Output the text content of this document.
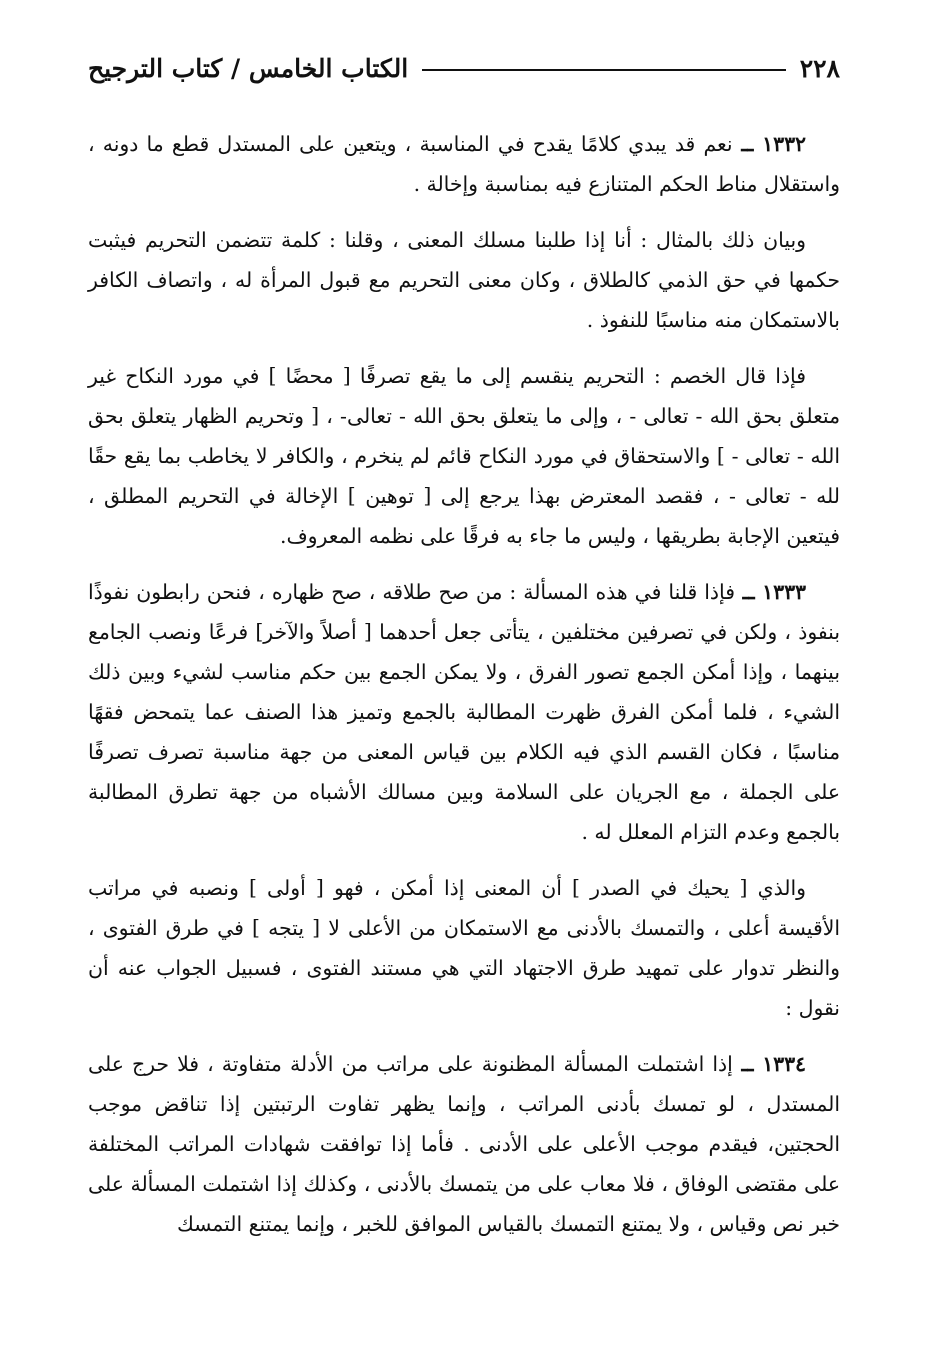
٢٢٨
الكتاب الخامس / كتاب الترجيح

١٣٣٢ ــ نعم قد يبدي كلامًا يقدح في المناسبة ، ويتعين على المستدل قطع ما دونه ، واستقلال مناط الحكم المتنازع فيه بمناسبة وإخالة .

وبيان ذلك بالمثال : أنا إذا طلبنا مسلك المعنى ، وقلنا : كلمة تتضمن التحريم فيثبت حكمها في حق الذمي كالطلاق ، وكان معنى التحريم مع قبول المرأة له ، واتصاف الكافر بالاستمكان منه مناسبًا للنفوذ .

فإذا قال الخصم : التحريم ينقسم إلى ما يقع تصرفًا [ محضًا ] في مورد النكاح غير متعلق بحق الله - تعالى - ، وإلى ما يتعلق بحق الله - تعالى- ، [ وتحريم الظهار يتعلق بحق الله - تعالى - ] والاستحقاق في مورد النكاح قائم لم ينخرم ، والكافر لا يخاطب بما يقع حقًا لله - تعالى - ، فقصد المعترض بهذا يرجع إلى [ توهين ] الإخالة في التحريم المطلق ، فيتعين الإجابة بطريقها ، وليس ما جاء به فرقًا على نظمه المعروف.

١٣٣٣ ــ فإذا قلنا في هذه المسألة : من صح طلاقه ، صح ظهاره ، فنحن رابطون نفوذًا بنفوذ ، ولكن في تصرفين مختلفين ، يتأتى جعل أحدهما [ أصلاً والآخر] فرعًا ونصب الجامع بينهما ، وإذا أمكن الجمع تصور الفرق ، ولا يمكن الجمع بين حكم مناسب لشيء وبين ذلك الشيء ، فلما أمكن الفرق ظهرت المطالبة بالجمع وتميز هذا الصنف عما يتمحض فقهًا مناسبًا ، فكان القسم الذي فيه الكلام بين قياس المعنى من جهة مناسبة تصرف تصرفًا على الجملة ، مع الجريان على السلامة وبين مسالك الأشباه من جهة تطرق المطالبة بالجمع وعدم التزام المعلل له .

والذي [ يحيك في الصدر ] أن المعنى إذا أمكن ، فهو [ أولى ] ونصبه في مراتب الأقيسة أعلى ، والتمسك بالأدنى مع الاستمكان من الأعلى لا [ يتجه ] في طرق الفتوى ، والنظر تدوار على تمهيد طرق الاجتهاد التي هي مستند الفتوى ، فسبيل الجواب عنه أن نقول :

١٣٣٤ ــ إذا اشتملت المسألة المظنونة على مراتب من الأدلة متفاوتة ، فلا حرج على المستدل ، لو تمسك بأدنى المراتب ، وإنما يظهر تفاوت الرتبتين إذا تناقض موجب الحجتين، فيقدم موجب الأعلى على الأدنى . فأما إذا توافقت شهادات المراتب المختلفة على مقتضى الوفاق ، فلا معاب على من يتمسك بالأدنى ، وكذلك إذا اشتملت المسألة على خبر نص وقياس ، ولا يمتنع التمسك بالقياس الموافق للخبر ، وإنما يمتنع التمسك
